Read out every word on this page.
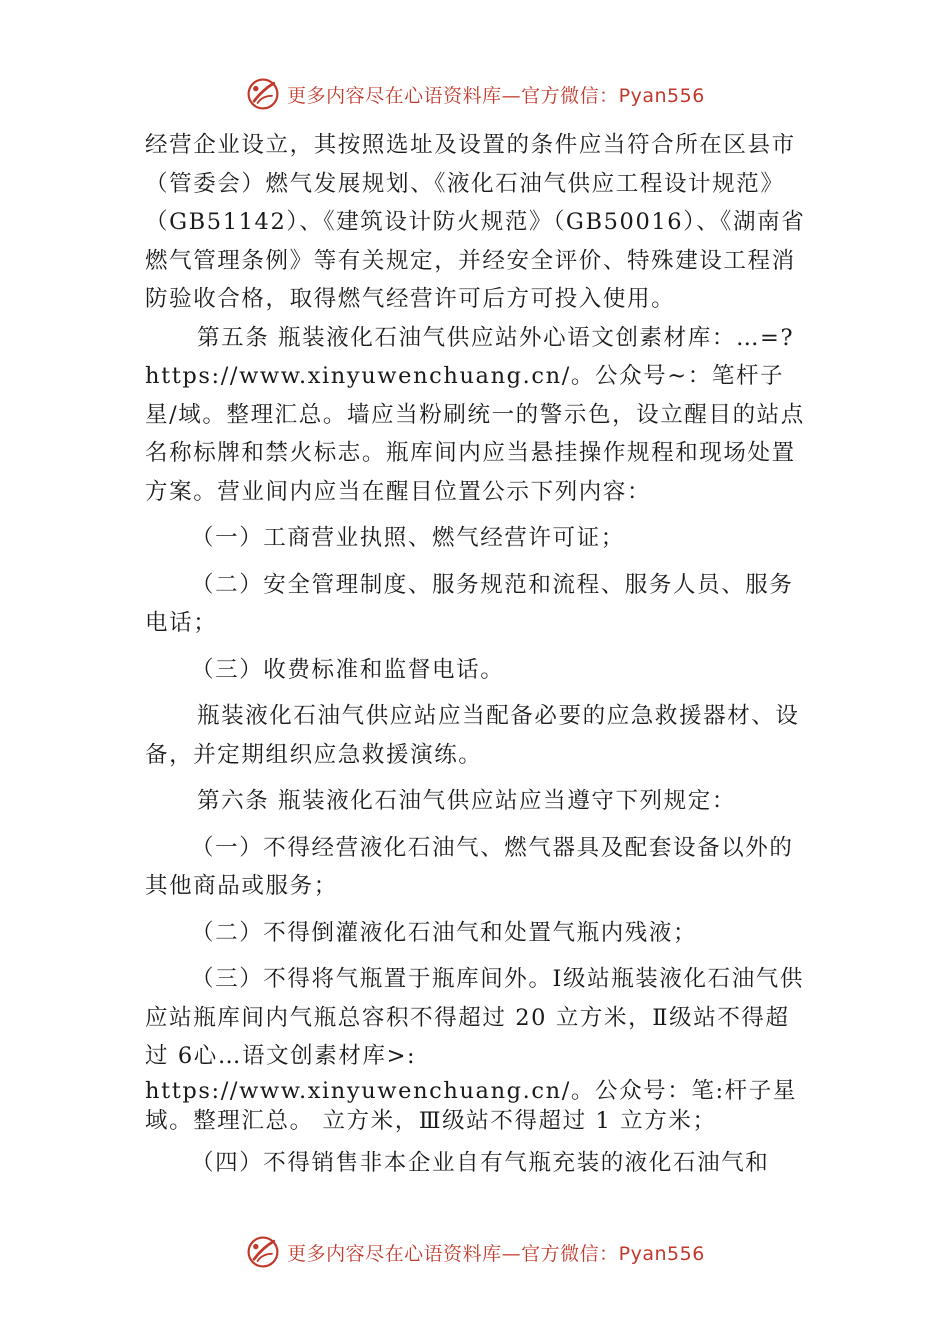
更多内容尽在心语资料库—官方微信：Pyan556

经营企业设立，其按照选址及设置的条件应当符合所在区县市（管委会）燃气发展规划、《液化石油气供应工程设计规范》

（GB51142）、《建筑设计防火规范》（GB50016）、《湖南省燃气管理条例》等有关规定，并经安全评价、特殊建设工程消防验收合格，取得燃气经营许可后方可投入使用。

第五条 瓶装液化石油气供应站外心语文创素材库：…=?https://www.xinyuwenchuang.cn/。公众号~：笔杆子星/域。整理汇总。墙应当粉刷统一的警示色，设立醒目的站点名称标牌和禁火标志。瓶库间内应当悬挂操作规程和现场处置方案。营业间内应当在醒目位置公示下列内容：

（一）工商营业执照、燃气经营许可证；

（二）安全管理制度、服务规范和流程、服务人员、服务电话；

（三）收费标准和监督电话。

瓶装液化石油气供应站应当配备必要的应急救援器材、设备，并定期组织应急救援演练。

第六条 瓶装液化石油气供应站应当遵守下列规定：

（一）不得经营液化石油气、燃气器具及配套设备以外的其他商品或服务；

（二）不得倒灌液化石油气和处置气瓶内残液；

（三）不得将气瓶置于瓶库间外。Ⅰ级站瓶装液化石油气供应站瓶库间内气瓶总容积不得超过 20 立方米，Ⅱ级站不得超过 6心…语文创素材库>:

https://www.xinyuwenchuang.cn/。公众号：笔:杆子星域。整理汇总。 立方米，Ⅲ级站不得超过 1 立方米；

（四）不得销售非本企业自有气瓶充装的液化石油气和

更多内容尽在心语资料库—官方微信：Pyan556
